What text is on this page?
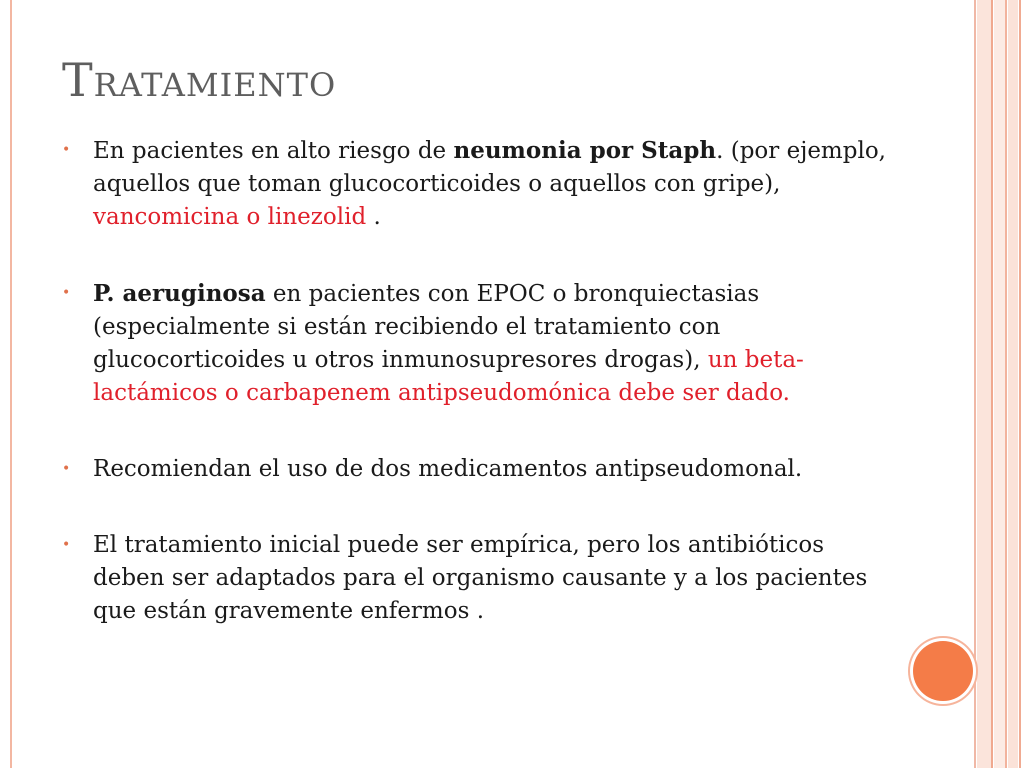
Tratamiento
• En pacientes en alto riesgo de neumonia por Staph. (por ejemplo, aquellos que toman glucocorticoides o aquellos con gripe), vancomicina o linezolid .
• P. aeruginosa en pacientes con EPOC o bronquiectasias (especialmente si están recibiendo el tratamiento con glucocorticoides u otros inmunosupresores drogas), un beta-lactámicos o carbapenem antipseudomónica debe ser dado.
• Recomiendan el uso de dos medicamentos antipseudomonal.
• El tratamiento inicial puede ser empírica, pero los antibióticos deben ser adaptados para el organismo causante y a los pacientes que están gravemente enfermos .
